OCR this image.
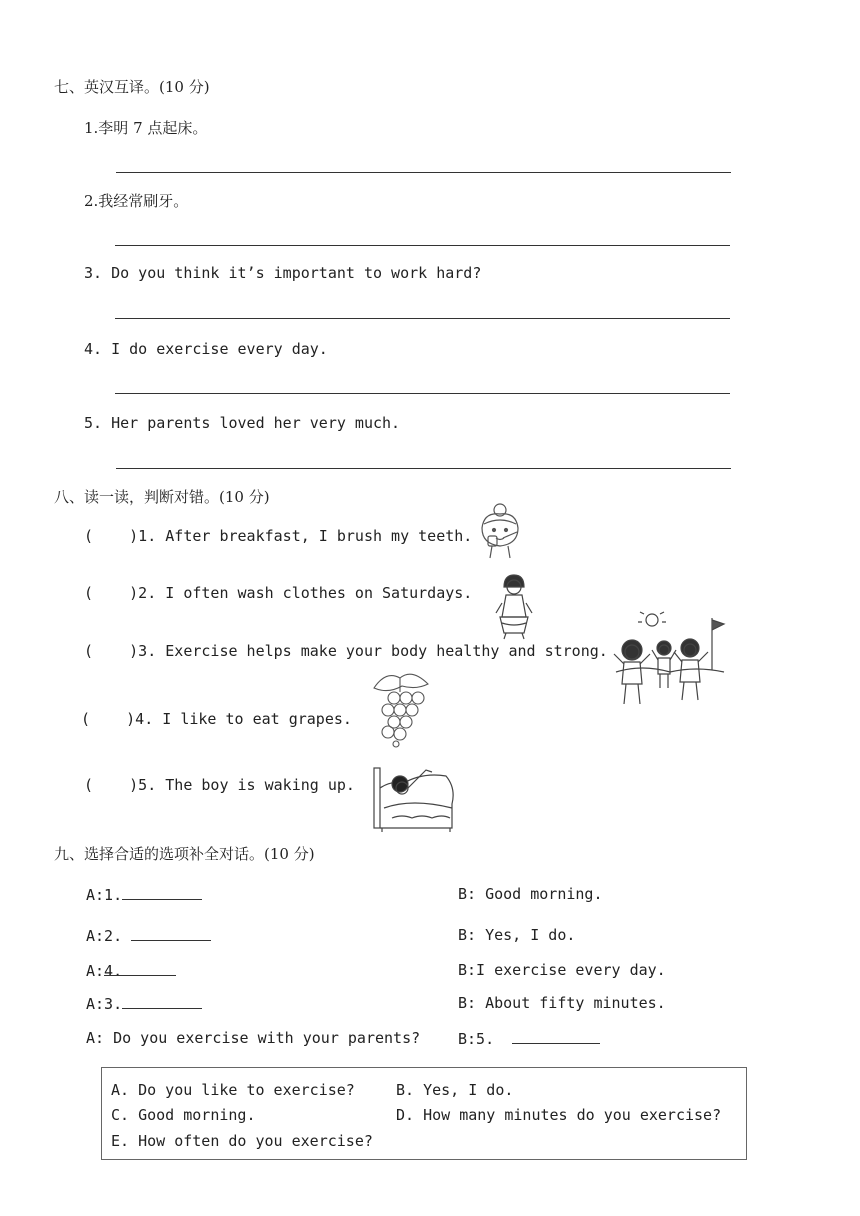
七、英汉互译。(10 分)
1.李明 7 点起床。
2.我经常刷牙。
3. Do you think it’s important to work hard?
4. I do exercise every day.
5. Her parents loved her very much.
八、读一读，判断对错。(10 分)
(    )1. After breakfast, I brush my teeth.
(    )2. I often wash clothes on Saturdays.
(    )3. Exercise helps make your body healthy and strong.
(    )4. I like to eat grapes.
(    )5. The boy is waking up.
九、选择合适的选项补全对话。(10 分)
A:1.	B: Good morning.
A:2.	B: Yes, I do.
A:4.	B:I exercise every day.
A:3.	B: About fifty minutes.
A: Do you exercise with your parents?	B:5.
A. Do you like to exercise?	B. Yes, I do.
C. Good morning.	D. How many minutes do you exercise?
E. How often do you exercise?
